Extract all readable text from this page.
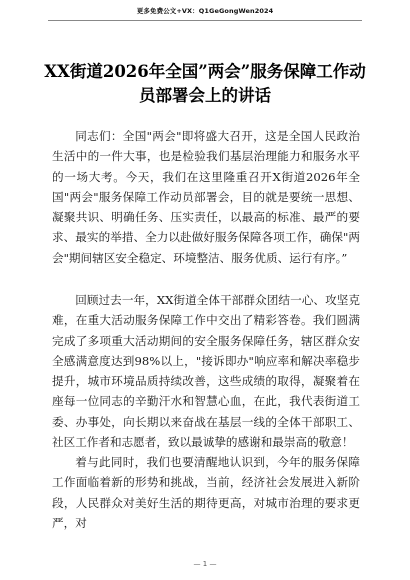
更多免费公文+VX：Q1GeGongWen2024
XX街道2026年全国”两会”服务保障工作动员部署会上的讲话

同志们：全国"两会"即将盛大召开，这是全国人民政治生活中的一件大事，也是检验我们基层治理能力和服务水平的一场大考。今天，我们在这里隆重召开X街道2026年全国"两会"服务保障工作动员部署会，目的就是要统一思想、凝聚共识、明确任务、压实责任，以最高的标准、最严的要求、最实的举措、全力以赴做好服务保障各项工作，确保"两会"期间辖区安全稳定、环境整洁、服务优质、运行有序。”

回顾过去一年，XX街道全体干部群众团结一心、攻坚克难，在重大活动服务保障工作中交出了精彩答卷。我们圆满完成了多项重大活动期间的安全服务保障任务，辖区群众安全感满意度达到98%以上，"接诉即办"响应率和解决率稳步提升，城市环境品质持续改善，这些成绩的取得，凝聚着在座每一位同志的辛勤汗水和智慧心血，在此，我代表街道工委、办事处，向长期以来奋战在基层一线的全体干部职工、社区工作者和志愿者，致以最诚挚的感谢和最崇高的敬意！

着与此同时，我们也要清醒地认识到，今年的服务保障工作面临着新的形势和挑战，当前，经济社会发展进入新阶段，人民群众对美好生活的期待更高，对城市治理的要求更严，对

— 1 —
